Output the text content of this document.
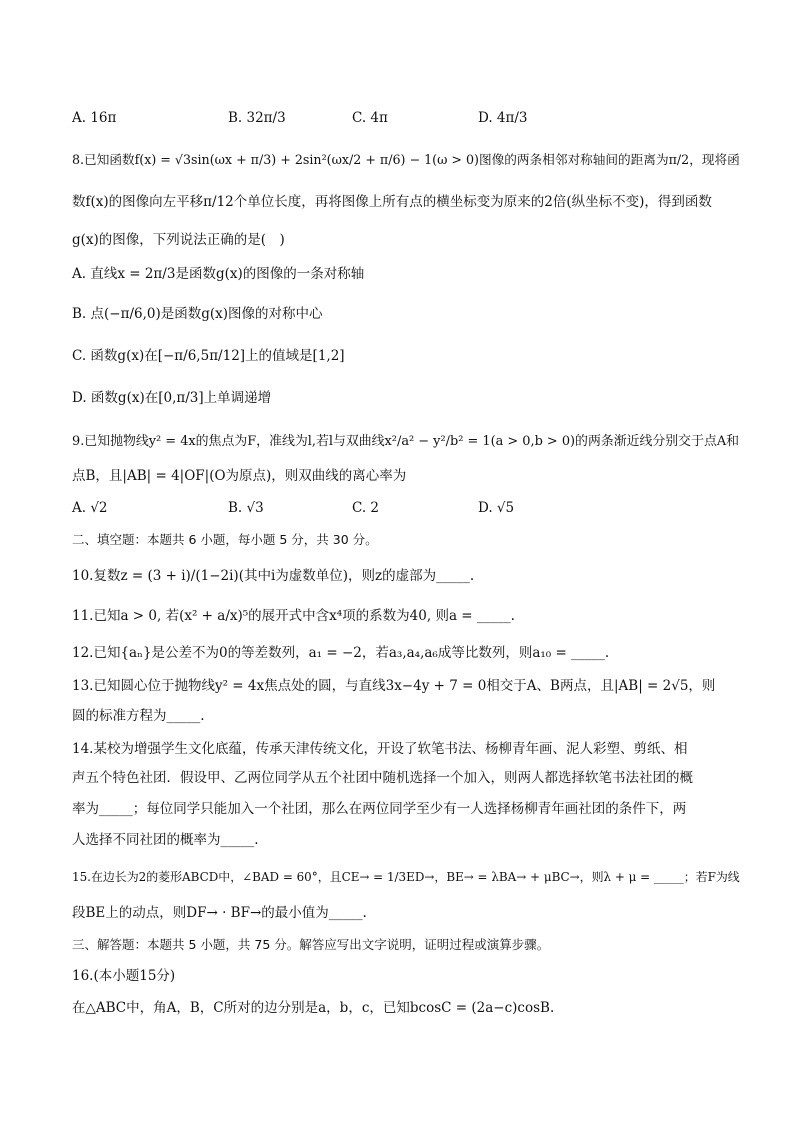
A. 16π	B. 32π/3	C. 4π	D. 4π/3
8.已知函数f(x) = √3sin(ωx + π/3) + 2sin²(ωx/2 + π/6) − 1(ω > 0)图像的两条相邻对称轴间的距离为π/2，现将函
数f(x)的图像向左平移π/12个单位长度，再将图像上所有点的横坐标变为原来的2倍(纵坐标不变)，得到函数
g(x)的图像，下列说法正确的是(　)
A. 直线x = 2π/3是函数g(x)的图像的一条对称轴
B. 点(−π/6,0)是函数g(x)图像的对称中心
C. 函数g(x)在[−π/6,5π/12]上的值域是[1,2]
D. 函数g(x)在[0,π/3]上单调递增
9.已知抛物线y² = 4x的焦点为F，准线为l,若l与双曲线x²/a² − y²/b² = 1(a > 0,b > 0)的两条渐近线分别交于点A和
点B，且|AB| = 4|OF|(O为原点)，则双曲线的离心率为
A. √2	B. √3	C. 2	D. √5
二、填空题：本题共 6 小题，每小题 5 分，共 30 分。
10.复数z = (3 + i)/(1−2i)(其中i为虚数单位)，则z的虚部为_____.
11.已知a > 0, 若(x² + a/x)⁵的展开式中含x⁴项的系数为40, 则a = _____.
12.已知{aₙ}是公差不为0的等差数列，a₁ = −2，若a₃,a₄,a₆成等比数列，则a₁₀ = _____.
13.已知圆心位于抛物线y² = 4x焦点处的圆，与直线3x−4y + 7 = 0相交于A、B两点，且|AB| = 2√5，则
圆的标准方程为_____.
14.某校为增强学生文化底蕴，传承天津传统文化，开设了软笔书法、杨柳青年画、泥人彩塑、剪纸、相
声五个特色社团．假设甲、乙两位同学从五个社团中随机选择一个加入，则两人都选择软笔书法社团的概
率为_____；每位同学只能加入一个社团，那么在两位同学至少有一人选择杨柳青年画社团的条件下，两
人选择不同社团的概率为_____.
15.在边长为2的菱形ABCD中，∠BAD = 60°，且CE→ = 1/3ED→，BE→ = λBA→ + μBC→，则λ + μ = _____；若F为线
段BE上的动点，则DF→ · BF→的最小值为_____.
三、解答题：本题共 5 小题，共 75 分。解答应写出文字说明，证明过程或演算步骤。
16.(本小题15分)
在△ABC中，角A，B，C所对的边分别是a，b，c，已知bcosC = (2a−c)cosB.
